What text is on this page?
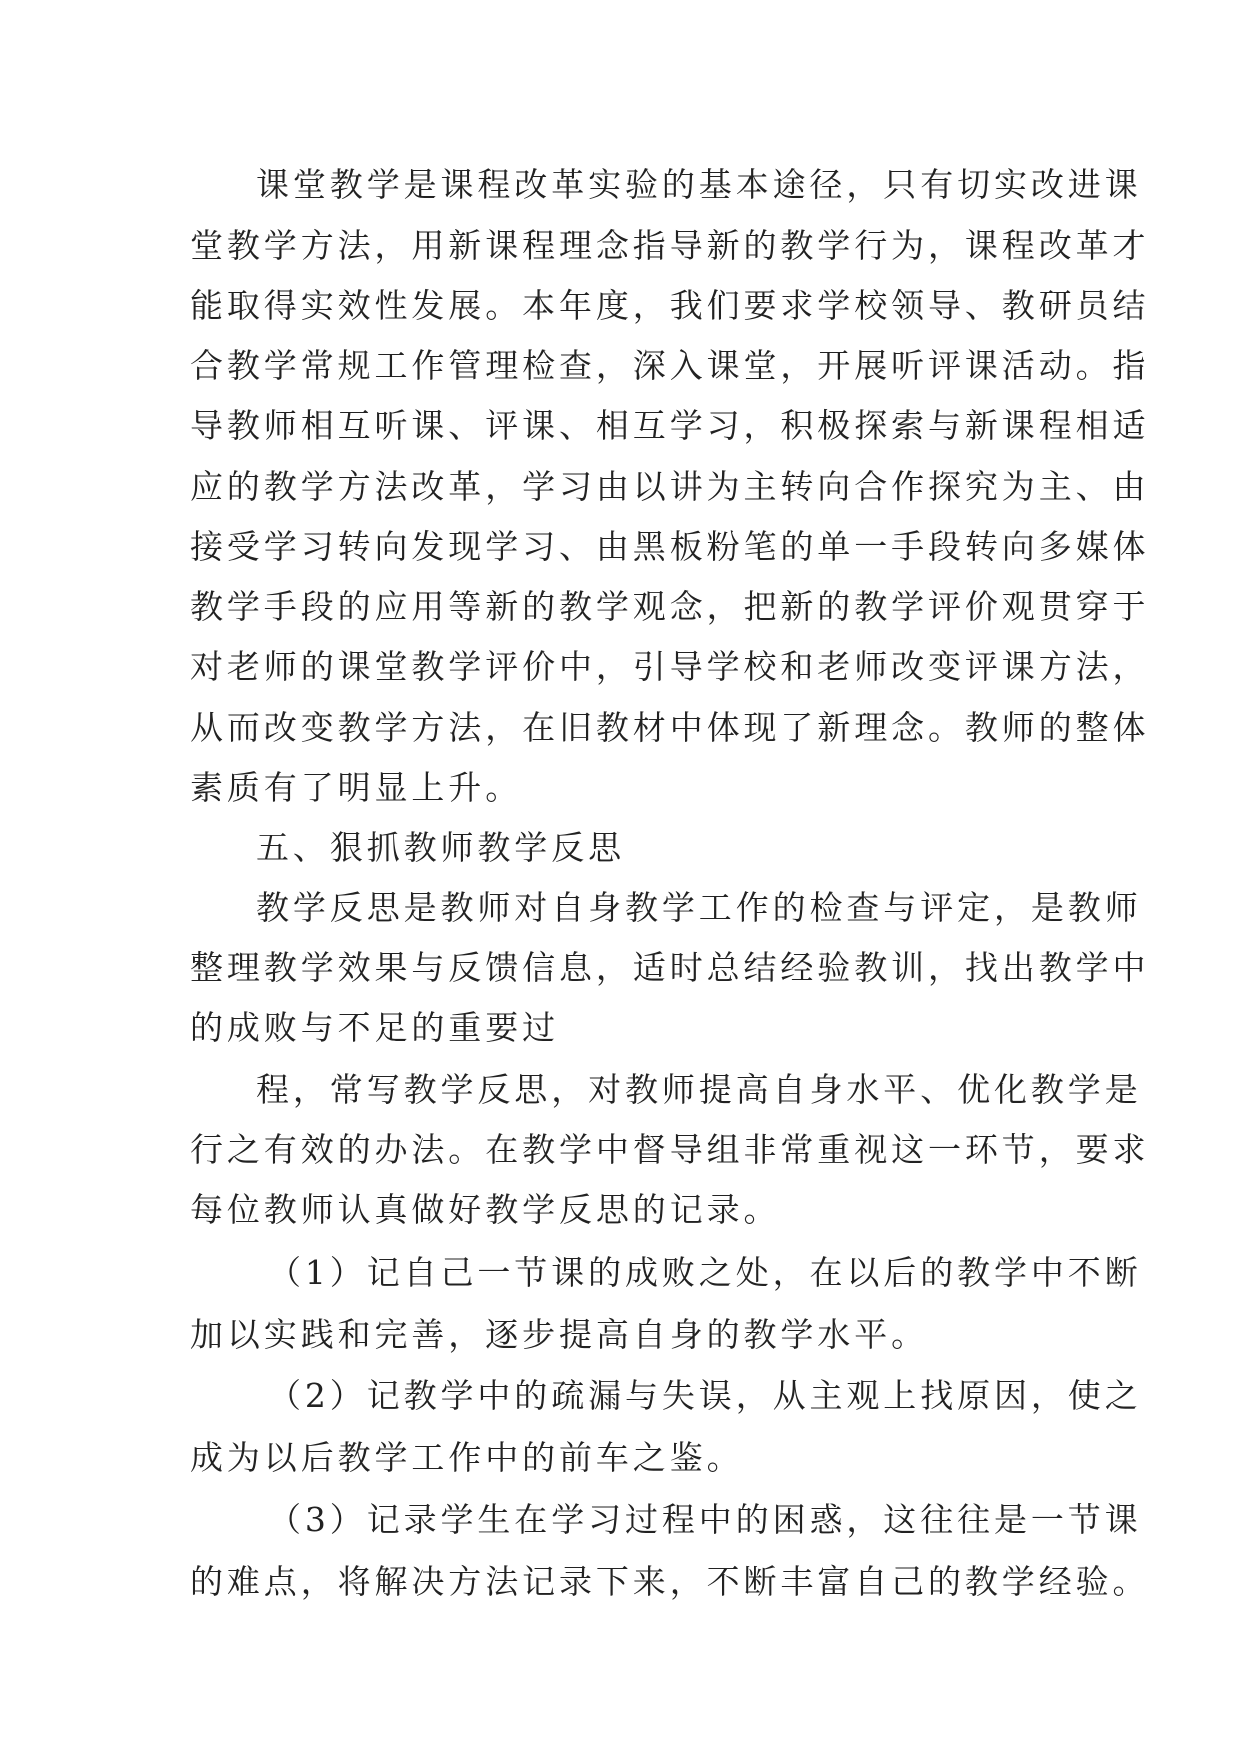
课堂教学是课程改革实验的基本途径，只有切实改进课

堂教学方法，用新课程理念指导新的教学行为，课程改革才

能取得实效性发展。本年度，我们要求学校领导、教研员结

合教学常规工作管理检查，深入课堂，开展听评课活动。指

导教师相互听课、评课、相互学习，积极探索与新课程相适

应的教学方法改革，学习由以讲为主转向合作探究为主、由

接受学习转向发现学习、由黑板粉笔的单一手段转向多媒体

教学手段的应用等新的教学观念，把新的教学评价观贯穿于

对老师的课堂教学评价中，引导学校和老师改变评课方法，

从而改变教学方法，在旧教材中体现了新理念。教师的整体

素质有了明显上升。

五、狠抓教师教学反思

教学反思是教师对自身教学工作的检查与评定，是教师

整理教学效果与反馈信息，适时总结经验教训，找出教学中

的成败与不足的重要过

程，常写教学反思，对教师提高自身水平、优化教学是

行之有效的办法。在教学中督导组非常重视这一环节，要求

每位教师认真做好教学反思的记录。

（1）记自己一节课的成败之处，在以后的教学中不断

加以实践和完善，逐步提高自身的教学水平。

（2）记教学中的疏漏与失误，从主观上找原因，使之

成为以后教学工作中的前车之鉴。

（3）记录学生在学习过程中的困惑，这往往是一节课

的难点，将解决方法记录下来，不断丰富自己的教学经验。
